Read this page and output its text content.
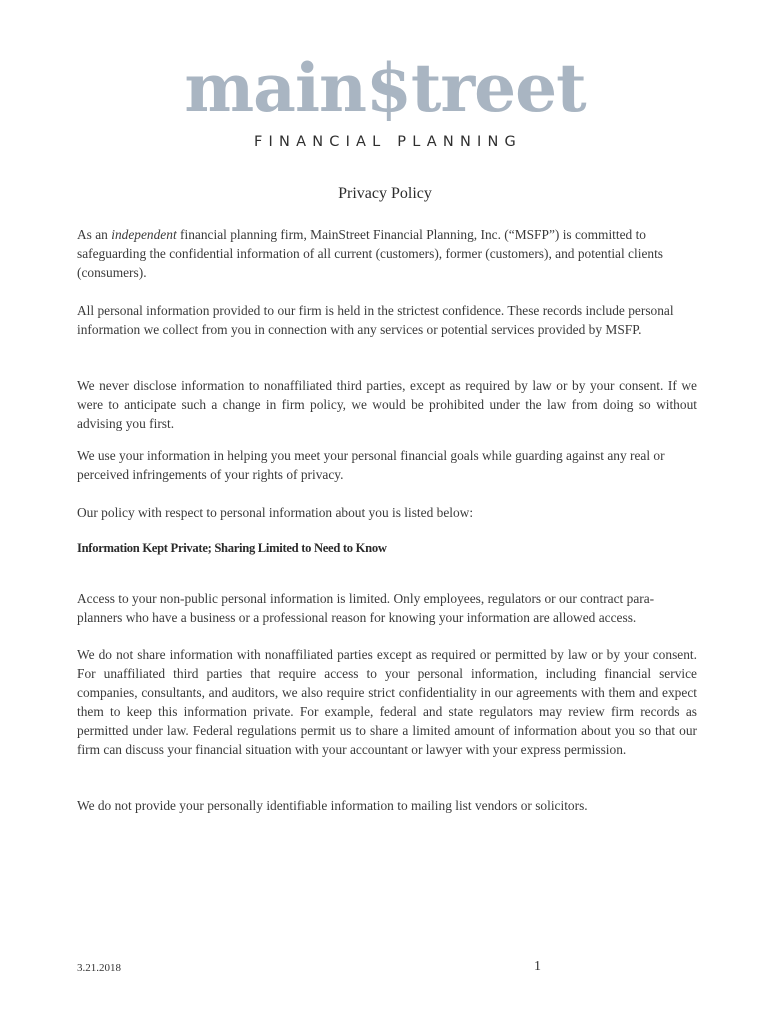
main$treet
FINANCIAL PLANNING
Privacy Policy

As an independent financial planning firm, MainStreet Financial Planning, Inc. (“MSFP”) is committed to safeguarding the confidential information of all current (customers), former (customers), and potential clients (consumers).

All personal information provided to our firm is held in the strictest confidence. These records include personal information we collect from you in connection with any services or potential services provided by MSFP.

We never disclose information to nonaffiliated third parties, except as required by law or by your consent. If we were to anticipate such a change in firm policy, we would be prohibited under the law from doing so without advising you first.

We use your information in helping you meet your personal financial goals while guarding against any real or perceived infringements of your rights of privacy.

Our policy with respect to personal information about you is listed below:

Information Kept Private; Sharing Limited to Need to Know

Access to your non-public personal information is limited. Only employees, regulators or our contract para-planners who have a business or a professional reason for knowing your information are allowed access.

We do not share information with nonaffiliated parties except as required or permitted by law or by your consent. For unaffiliated third parties that require access to your personal information, including financial service companies, consultants, and auditors, we also require strict confidentiality in our agreements with them and expect them to keep this information private. For example, federal and state regulators may review firm records as permitted under law. Federal regulations permit us to share a limited amount of information about you so that our firm can discuss your financial situation with your accountant or lawyer with your express permission.

We do not provide your personally identifiable information to mailing list vendors or solicitors.

3.21.2018	1
